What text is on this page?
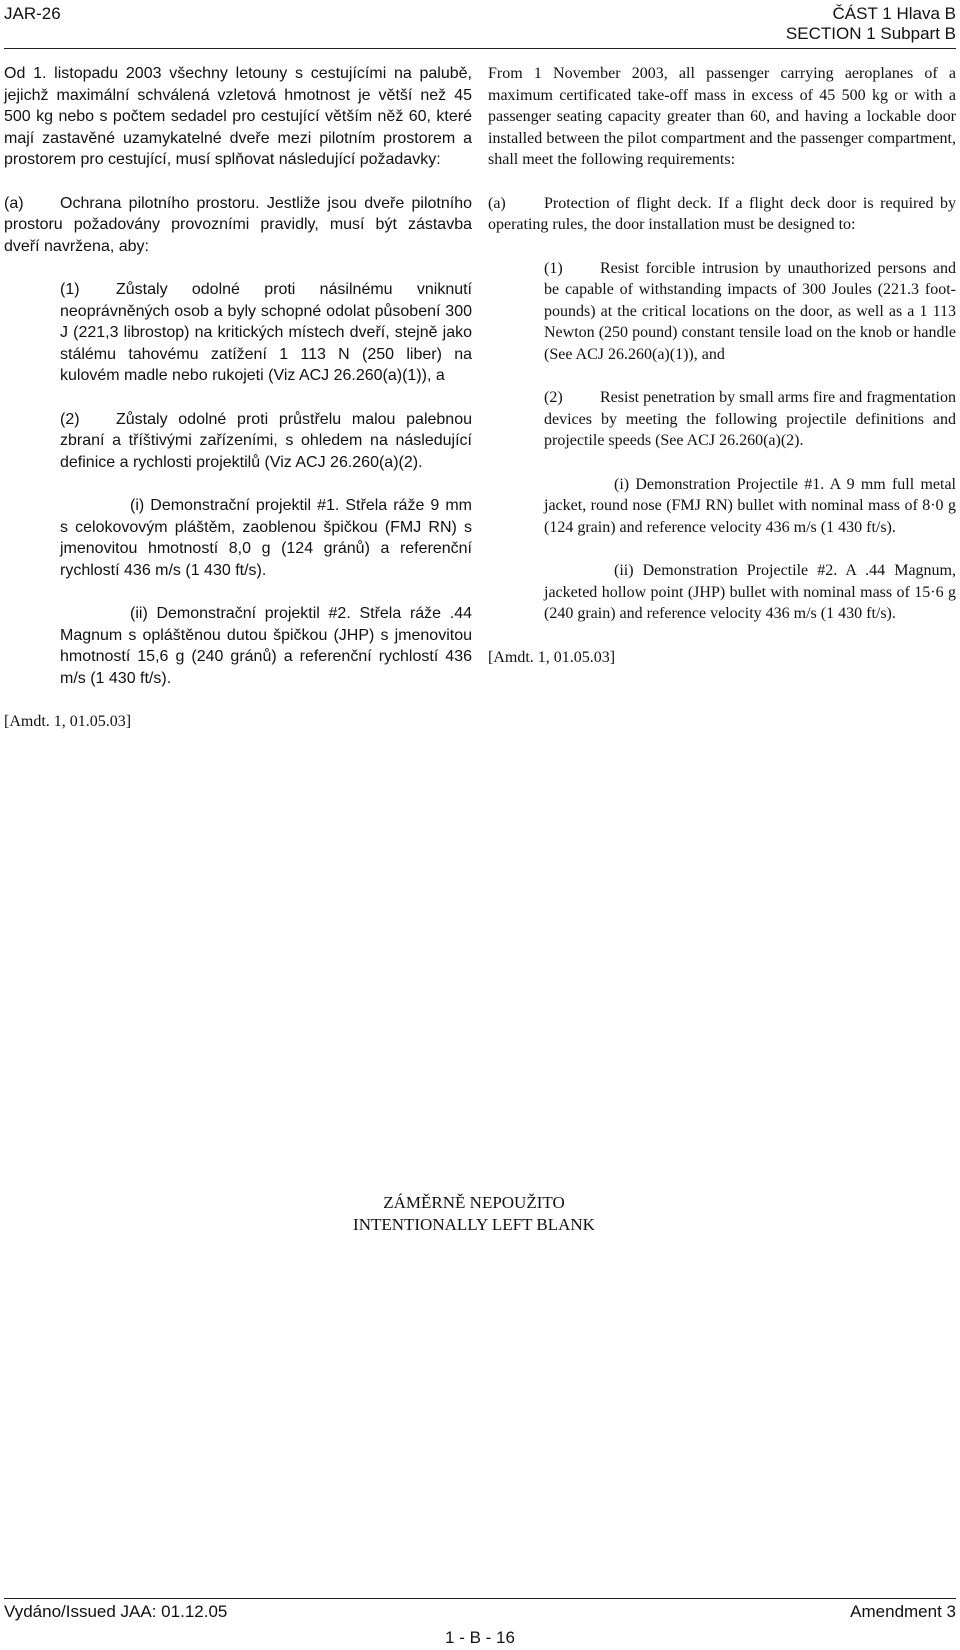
JAR-26	ČÁST 1 Hlava B
SECTION 1 Subpart B

Od 1. listopadu 2003 všechny letouny s cestujícími na palubě, jejichž maximální schválená vzletová hmotnost je větší než 45 500 kg nebo s počtem sedadel pro cestující větším něž 60, které mají zastavěné uzamykatelné dveře mezi pilotním prostorem a prostorem pro cestující, musí splňovat následující požadavky:

(a) Ochrana pilotního prostoru. Jestliže jsou dveře pilotního prostoru požadovány provozními pravidly, musí být zástavba dveří navržena, aby:

(1) Zůstaly odolné proti násilnému vniknutí neoprávněných osob a byly schopné odolat působení 300 J (221,3 librostop) na kritických místech dveří, stejně jako stálému tahovému zatížení 1 113 N (250 liber) na kulovém madle nebo rukojeti (Viz ACJ 26.260(a)(1)), a

(2) Zůstaly odolné proti průstřelu malou palebnou zbraní a tříštivými zařízeními, s ohledem na následující definice a rychlosti projektilů (Viz ACJ 26.260(a)(2).

(i) Demonstrační projektil #1. Střela ráže 9 mm s celokovovým pláštěm, zaoblenou špičkou (FMJ RN) s jmenovitou hmotností 8,0 g (124 gránů) a referenční rychlostí 436 m/s (1 430 ft/s).

(ii) Demonstrační projektil #2. Střela ráže .44 Magnum s opláštěnou dutou špičkou (JHP) s jmenovitou hmotností 15,6 g (240 gránů) a referenční rychlostí 436 m/s (1 430 ft/s).

[Amdt. 1, 01.05.03]

From 1 November 2003, all passenger carrying aeroplanes of a maximum certificated take-off mass in excess of 45 500 kg or with a passenger seating capacity greater than 60, and having a lockable door installed between the pilot compartment and the passenger compartment, shall meet the following requirements:

(a) Protection of flight deck. If a flight deck door is required by operating rules, the door installation must be designed to:

(1) Resist forcible intrusion by unauthorized persons and be capable of withstanding impacts of 300 Joules (221.3 foot-pounds) at the critical locations on the door, as well as a 1 113 Newton (250 pound) constant tensile load on the knob or handle (See ACJ 26.260(a)(1)), and

(2) Resist penetration by small arms fire and fragmentation devices by meeting the following projectile definitions and projectile speeds (See ACJ 26.260(a)(2).

(i) Demonstration Projectile #1. A 9 mm full metal jacket, round nose (FMJ RN) bullet with nominal mass of 8·0 g (124 grain) and reference velocity 436 m/s (1 430 ft/s).

(ii) Demonstration Projectile #2. A .44 Magnum, jacketed hollow point (JHP) bullet with nominal mass of 15·6 g (240 grain) and reference velocity 436 m/s (1 430 ft/s).

[Amdt. 1, 01.05.03]

ZÁMĚRNĚ NEPOUŽITO
INTENTIONALLY LEFT BLANK
Vydáno/Issued JAA: 01.12.05	Amendment 3
1 - B - 16
